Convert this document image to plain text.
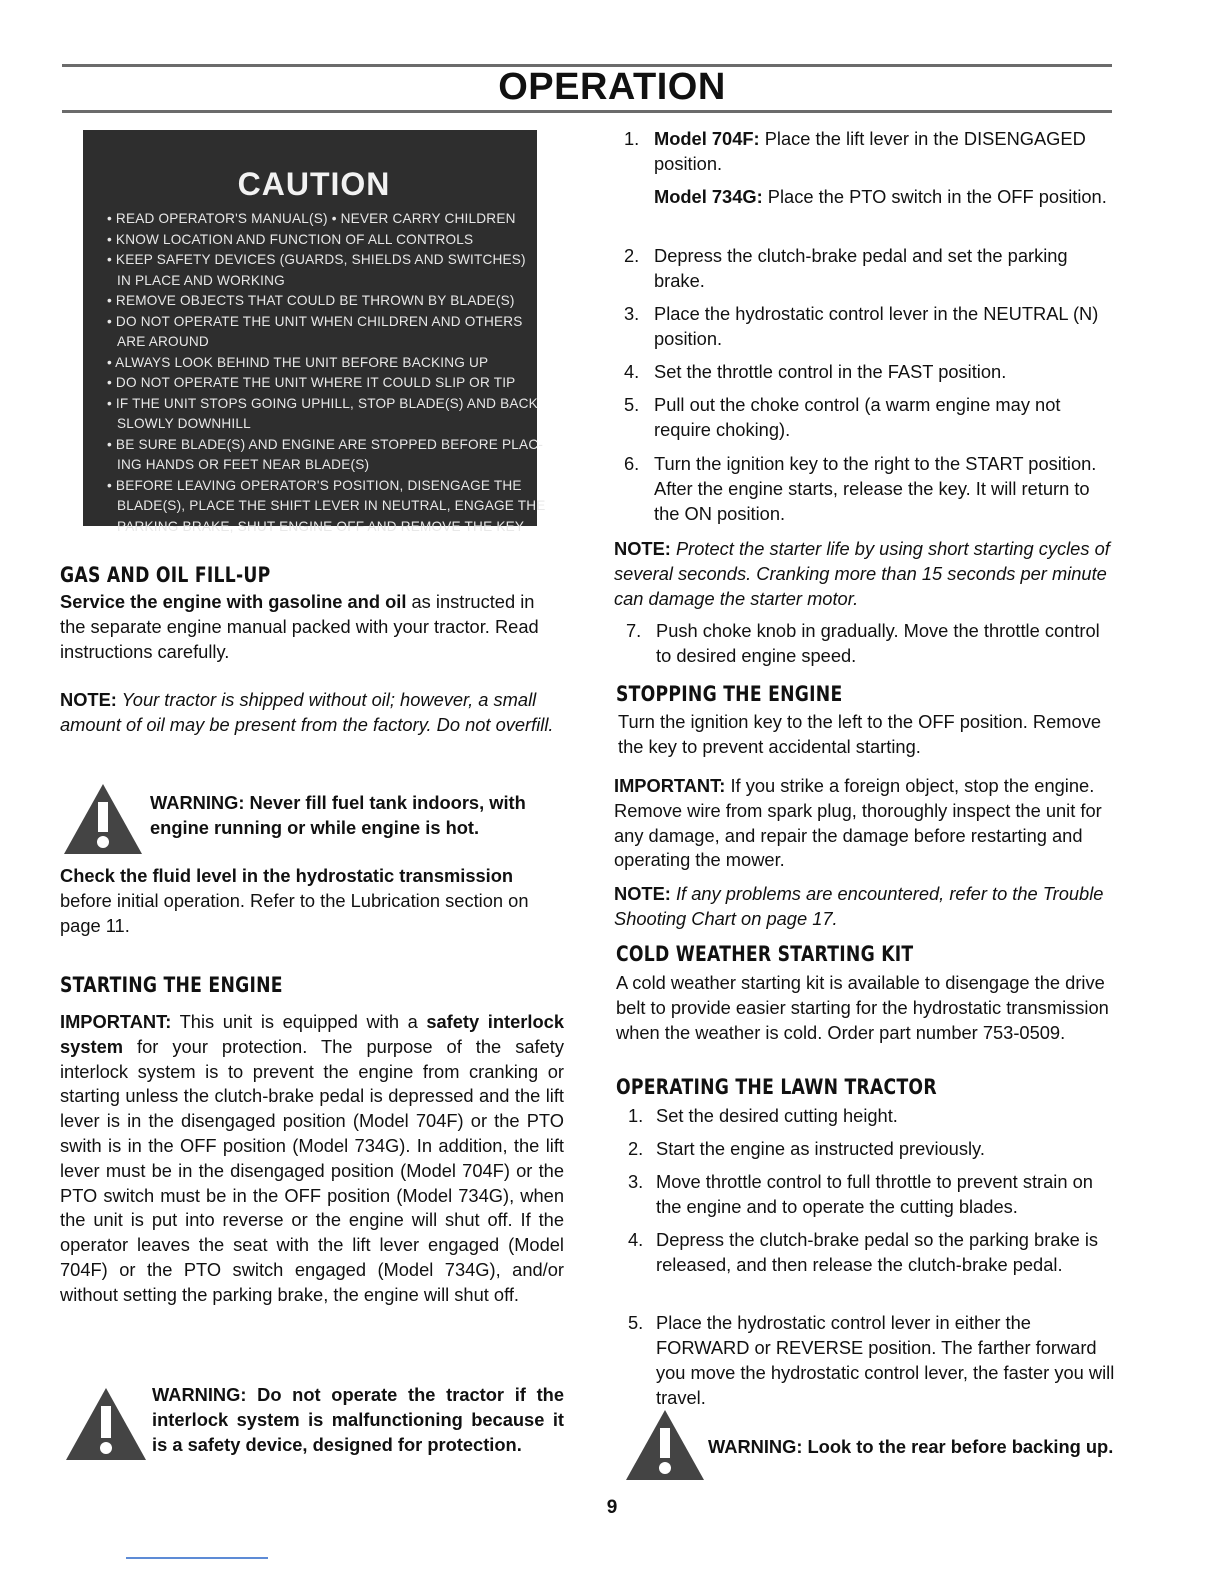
OPERATION
CAUTION
• READ OPERATOR'S MANUAL(S) • NEVER CARRY CHILDREN
• KNOW LOCATION AND FUNCTION OF ALL CONTROLS
• KEEP SAFETY DEVICES (GUARDS, SHIELDS AND SWITCHES)
IN PLACE AND WORKING
• REMOVE OBJECTS THAT COULD BE THROWN BY BLADE(S)
• DO NOT OPERATE THE UNIT WHEN CHILDREN AND OTHERS
ARE AROUND
• ALWAYS LOOK BEHIND THE UNIT BEFORE BACKING UP
• DO NOT OPERATE THE UNIT WHERE IT COULD SLIP OR TIP
• IF THE UNIT STOPS GOING UPHILL, STOP BLADE(S) AND BACK
SLOWLY DOWNHILL
• BE SURE BLADE(S) AND ENGINE ARE STOPPED BEFORE PLAC-
ING HANDS OR FEET NEAR BLADE(S)
• BEFORE LEAVING OPERATOR'S POSITION, DISENGAGE THE
BLADE(S), PLACE THE SHIFT LEVER IN NEUTRAL, ENGAGE THE
PARKING BRAKE, SHUT ENGINE OFF AND REMOVE THE KEY
GAS AND OIL FILL-UP
Service the engine with gasoline and oil as instructed in the separate engine manual packed with your tractor. Read instructions carefully.
NOTE: Your tractor is shipped without oil; however, a small amount of oil may be present from the factory. Do not overfill.
WARNING: Never fill fuel tank indoors, with engine running or while engine is hot.
Check the fluid level in the hydrostatic transmission before initial operation. Refer to the Lubrication section on page 11.
STARTING THE ENGINE
IMPORTANT: This unit is equipped with a safety interlock system for your protection. The purpose of the safety interlock system is to prevent the engine from cranking or starting unless the clutch-brake pedal is depressed and the lift lever is in the disengaged position (Model 704F) or the PTO swith is in the OFF position (Model 734G). In addition, the lift lever must be in the disengaged position (Model 704F) or the PTO switch must be in the OFF position (Model 734G), when the unit is put into reverse or the engine will shut off. If the operator leaves the seat with the lift lever engaged (Model 704F) or the PTO switch engaged (Model 734G), and/or without setting the parking brake, the engine will shut off.
WARNING: Do not operate the tractor if the interlock system is malfunctioning because it is a safety device, designed for protection.
1. Model 704F: Place the lift lever in the DISENGAGED position.
Model 734G: Place the PTO switch in the OFF position.
2. Depress the clutch-brake pedal and set the parking brake.
3. Place the hydrostatic control lever in the NEUTRAL (N) position.
4. Set the throttle control in the FAST position.
5. Pull out the choke control (a warm engine may not require choking).
6. Turn the ignition key to the right to the START position. After the engine starts, release the key. It will return to the ON position.
NOTE: Protect the starter life by using short starting cycles of several seconds. Cranking more than 15 seconds per minute can damage the starter motor.
7. Push choke knob in gradually. Move the throttle control to desired engine speed.
STOPPING THE ENGINE
Turn the ignition key to the left to the OFF position. Remove the key to prevent accidental starting.
IMPORTANT: If you strike a foreign object, stop the engine. Remove wire from spark plug, thoroughly inspect the unit for any damage, and repair the damage before restarting and operating the mower.
NOTE: If any problems are encountered, refer to the Trouble Shooting Chart on page 17.
COLD WEATHER STARTING KIT
A cold weather starting kit is available to disengage the drive belt to provide easier starting for the hydrostatic transmission when the weather is cold. Order part number 753-0509.
OPERATING THE LAWN TRACTOR
1. Set the desired cutting height.
2. Start the engine as instructed previously.
3. Move throttle control to full throttle to prevent strain on the engine and to operate the cutting blades.
4. Depress the clutch-brake pedal so the parking brake is released, and then release the clutch-brake pedal.
5. Place the hydrostatic control lever in either the FORWARD or REVERSE position. The farther forward you move the hydrostatic control lever, the faster you will travel.
WARNING: Look to the rear before backing up.
9
